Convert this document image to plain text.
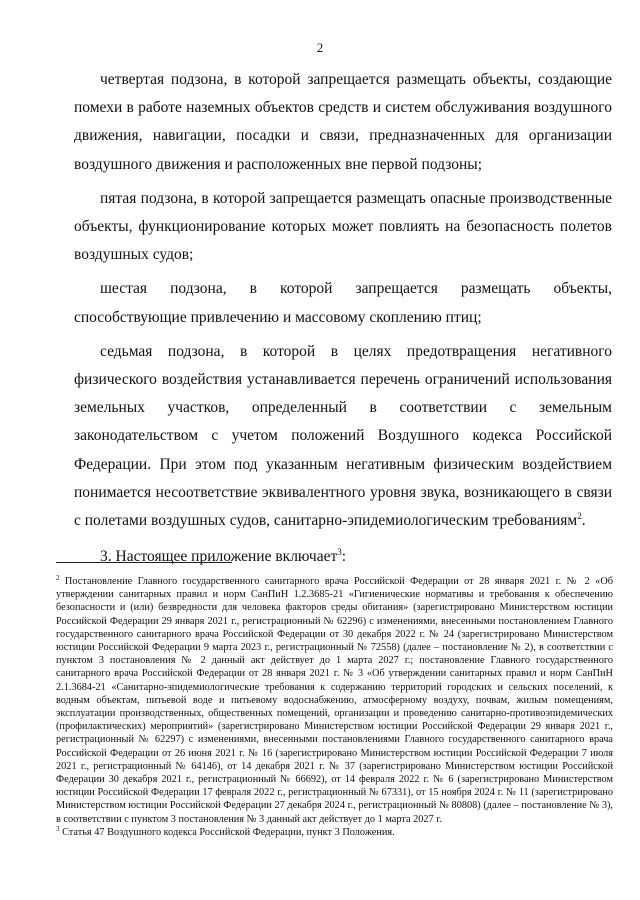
2

четвертая подзона, в которой запрещается размещать объекты, создающие помехи в работе наземных объектов средств и систем обслуживания воздушного движения, навигации, посадки и связи, предназначенных для организации воздушного движения и расположенных вне первой подзоны;

пятая подзона, в которой запрещается размещать опасные производственные объекты, функционирование которых может повлиять на безопасность полетов воздушных судов;

шестая подзона, в которой запрещается размещать объекты, способствующие привлечению и массовому скоплению птиц;

седьмая подзона, в которой в целях предотвращения негативного физического воздействия устанавливается перечень ограничений использования земельных участков, определенный в соответствии с земельным законодательством с учетом положений Воздушного кодекса Российской Федерации. При этом под указанным негативным физическим воздействием понимается несоответствие эквивалентного уровня звука, возникающего в связи с полетами воздушных судов, санитарно-эпидемиологическим требованиям$^2$.

3. Настоящее приложение включает$^3$:

$^2$ Постановление Главного государственного санитарного врача Российской Федерации от 28 января 2021 г. № 2 «Об утверждении санитарных правил и норм СанПиН 1.2.3685-21 «Гигиенические нормативы и требования к обеспечению безопасности и (или) безвредности для человека факторов среды обитания» (зарегистрировано Министерством юстиции Российской Федерации 29 января 2021 г., регистрационный № 62296) с изменениями, внесенными постановлением Главного государственного санитарного врача Российской Федерации от 30 декабря 2022 г. № 24 (зарегистрировано Министерством юстиции Российской Федерации 9 марта 2023 г., регистрационный № 72558) (далее – постановление № 2), в соответствии с пунктом 3 постановления № 2 данный акт действует до 1 марта 2027 г.; постановление Главного государственного санитарного врача Российской Федерации от 28 января 2021 г. № 3 «Об утверждении санитарных правил и норм СанПиН 2.1.3684-21 «Санитарно-эпидемиологические требования к содержанию территорий городских и сельских поселений, к водным объектам, питьевой воде и питьевому водоснабжению, атмосферному воздуху, почвам, жилым помещениям, эксплуатации производственных, общественных помещений, организации и проведению санитарно-противоэпидемических (профилактических) мероприятий» (зарегистрировано Министерством юстиции Российской Федерации 29 января 2021 г., регистрационный № 62297) с изменениями, внесенными постановлениями Главного государственного санитарного врача Российской Федерации от 26 июня 2021 г. № 16 (зарегистрировано Министерством юстиции Российской Федерации 7 июля 2021 г., регистрационный № 64146), от 14 декабря 2021 г. № 37 (зарегистрировано Министерством юстиции Российской Федерации 30 декабря 2021 г., регистрационный № 66692), от 14 февраля 2022 г. № 6 (зарегистрировано Министерством юстиции Российской Федерации 17 февраля 2022 г., регистрационный № 67331), от 15 ноября 2024 г. № 11 (зарегистрировано Министерством юстиции Российской Федерации 27 декабря 2024 г., регистрационный № 80808) (далее – постановление № 3), в соответствии с пунктом 3 постановления № 3 данный акт действует до 1 марта 2027 г.

$^3$ Статья 47 Воздушного кодекса Российской Федерации, пункт 3 Положения.
